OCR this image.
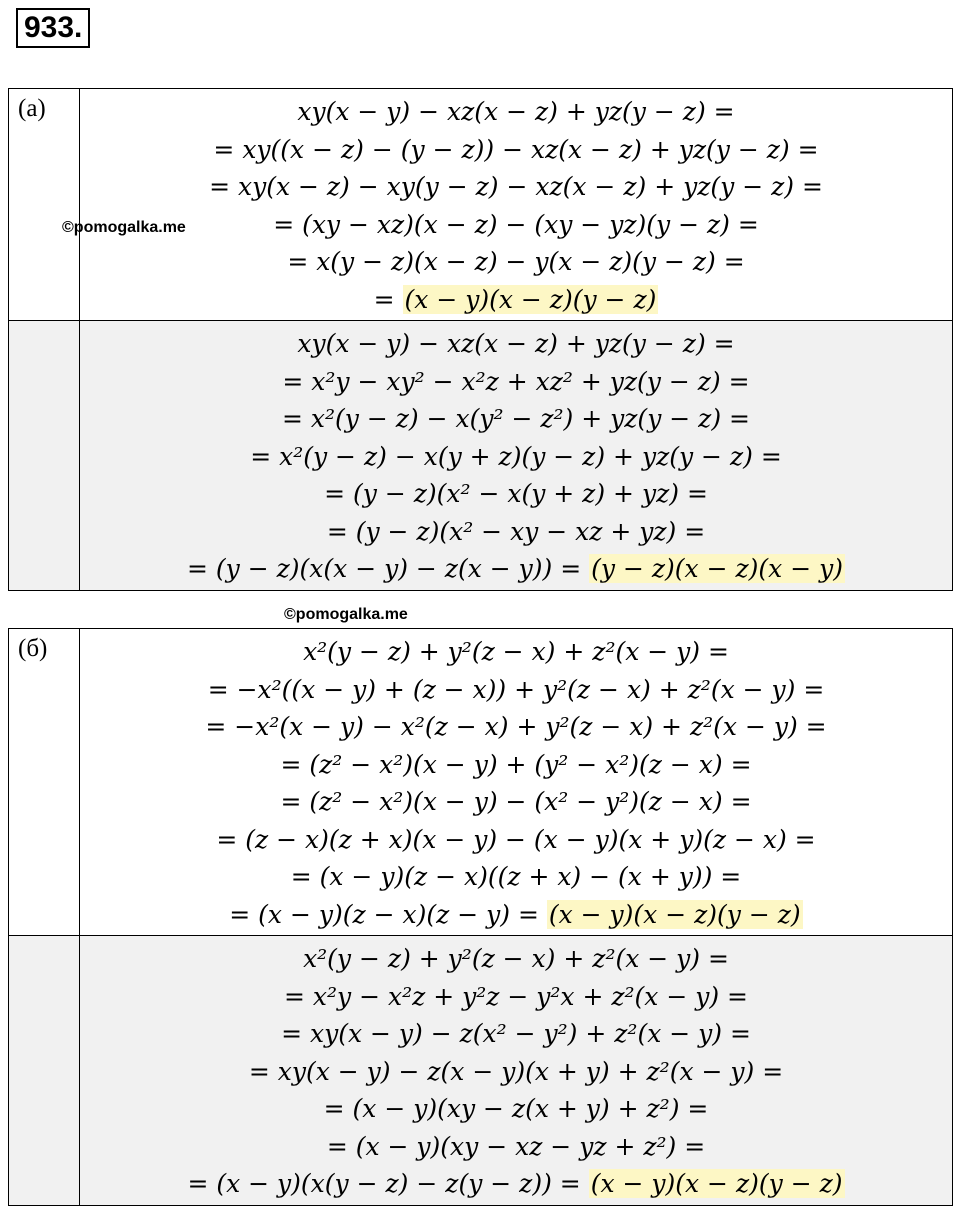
933.
(а)	xy(x − y) − xz(x − z) + yz(y − z) =
= xy((x − z) − (y − z)) − xz(x − z) + yz(y − z) =
= xy(x − z) − xy(y − z) − xz(x − z) + yz(y − z) =
= (xy − xz)(x − z) − (xy − yz)(y − z) =
= x(y − z)(x − z) − y(x − z)(y − z) =
= (x − y)(x − z)(y − z)
xy(x − y) − xz(x − z) + yz(y − z) =
= x²y − xy² − x²z + xz² + yz(y − z) =
= x²(y − z) − x(y² − z²) + yz(y − z) =
= x²(y − z) − x(y + z)(y − z) + yz(y − z) =
= (y − z)(x² − x(y + z) + yz) =
= (y − z)(x² − xy − xz + yz) =
= (y − z)(x(x − y) − z(x − y)) = (y − z)(x − z)(x − y)
(б)	x²(y − z) + y²(z − x) + z²(x − y) =
= −x²((x − y) + (z − x)) + y²(z − x) + z²(x − y) =
= −x²(x − y) − x²(z − x) + y²(z − x) + z²(x − y) =
= (z² − x²)(x − y) + (y² − x²)(z − x) =
= (z² − x²)(x − y) − (x² − y²)(z − x) =
= (z − x)(z + x)(x − y) − (x − y)(x + y)(z − x) =
= (x − y)(z − x)((z + x) − (x + y)) =
= (x − y)(z − x)(z − y) = (x − y)(x − z)(y − z)
x²(y − z) + y²(z − x) + z²(x − y) =
= x²y − x²z + y²z − y²x + z²(x − y) =
= xy(x − y) − z(x² − y²) + z²(x − y) =
= xy(x − y) − z(x − y)(x + y) + z²(x − y) =
= (x − y)(xy − z(x + y) + z²) =
= (x − y)(xy − xz − yz + z²) =
= (x − y)(x(y − z) − z(y − z)) = (x − y)(x − z)(y − z)
©pomogalka.me
©pomogalka.me
